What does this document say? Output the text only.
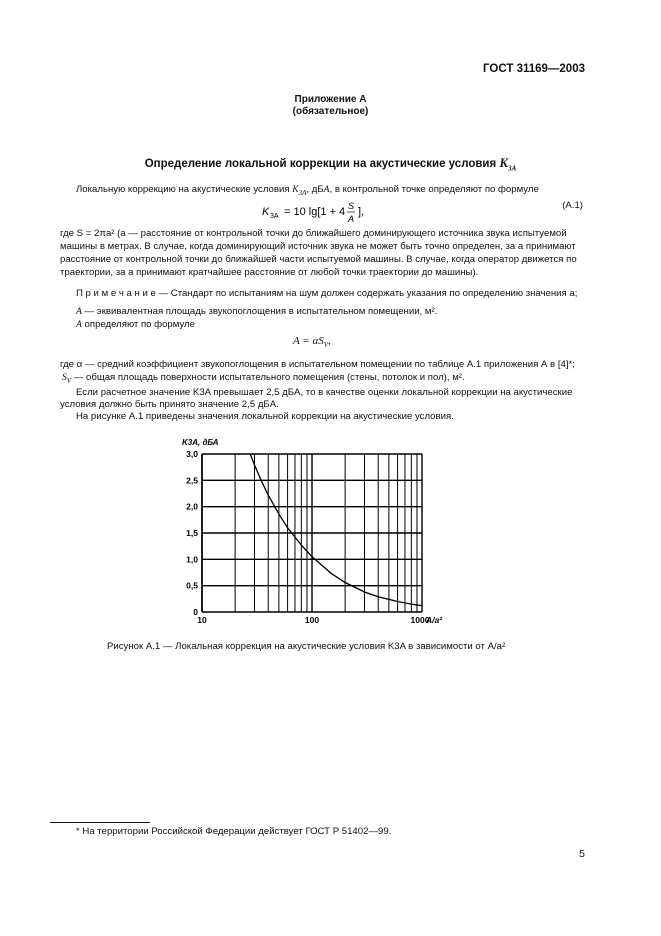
ГОСТ 31169—2003
Приложение А
(обязательное)
Определение локальной коррекции на акустические условия $K_{3A}$
Локальную коррекцию на акустические условия $K_{3A}$, дБA, в контрольной точке определяют по формуле
K 3A = 10 lg[1 + 4 S
A
],
(А.1)
где S = 2πa² (a — расстояние от контрольной точки до ближайшего доминирующего источника звука испытуемой
машины в метрах. В случае, когда доминирующий источник звука не может быть точно определен, за a принимают
расстояние от контрольной точки до ближайшей части испытуемой машины. В случае, когда оператор движется по
траектории, за a принимают кратчайшее расстояние от любой точки траектории до машины).
П р и м е ч а н и е — Стандарт по испытаниям на шум должен содержать указания по определению значения a;
A — эквивалентная площадь звукопоглощения в испытательном помещении, м².
A определяют по формуле
$A = \alpha S_V$,
где α — средний коэффициент звукопоглощения в испытательном помещении по таблице А.1 приложения А в [4]*;
$S_V$ — общая площадь поверхности испытательного помещения (стены, потолок и пол), м².
Если расчетное значение K3A превышает 2,5 дБA, то в качестве оценки локальной коррекции на акустические
условия должно быть принято значение 2,5 дБA.
На рисунке А.1 приведены значения локальной коррекции на акустические условия.
0
0,5
1,0
1,5
2,0
2,5
3,0
10	100	1000
K3A, дБА
A/a²
Рисунок А.1 — Локальная коррекция на акустические условия K3A в зависимости от A/a²
* На территории Российской Федерации действует ГОСТ Р 51402—99.
5
